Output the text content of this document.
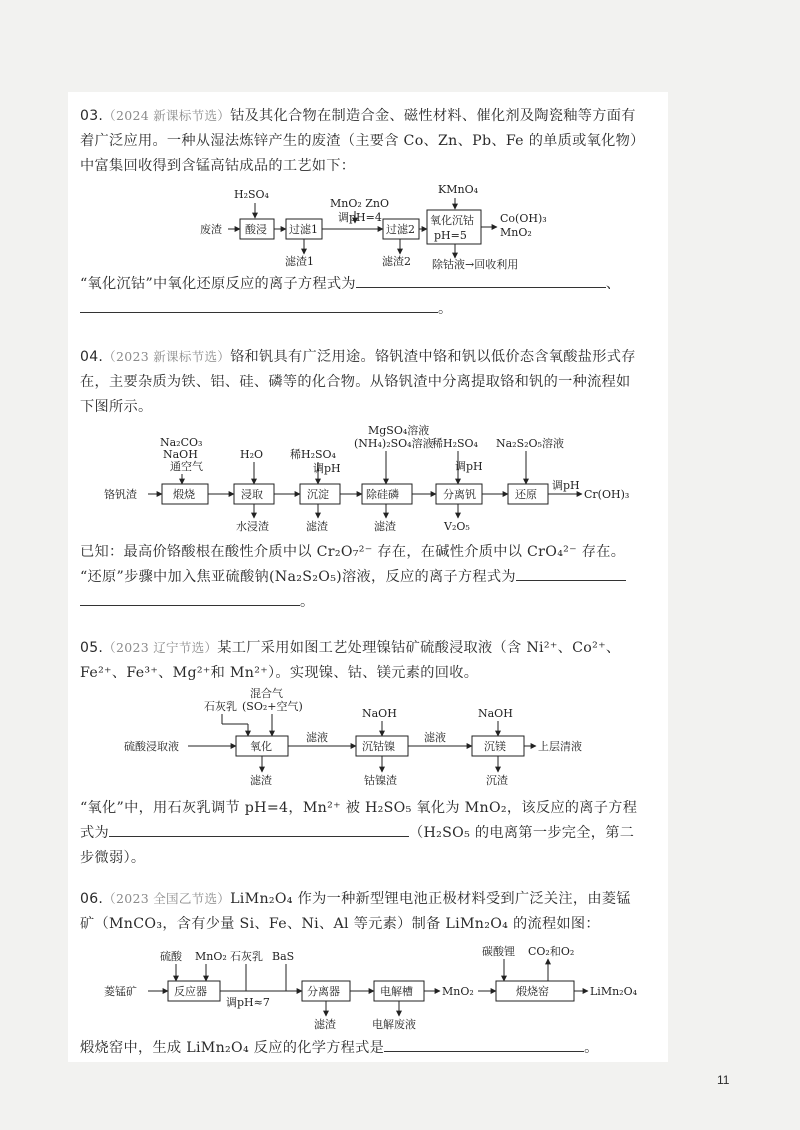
03.（2024 新课标节选）钴及其化合物在制造合金、磁性材料、催化剂及陶瓷釉等方面有着广泛应用。一种从湿法炼锌产生的废渣（主要含 Co、Zn、Pb、Fe 的单质或氧化物）中富集回收得到含锰高钴成品的工艺如下：
废渣
H₂SO₄
酸浸 过滤1
滤渣1
MnO₂ ZnO
调pH=4
过滤2
滤渣2
KMnO₄
氧化沉钴
pH=5
Co(OH)₃
MnO₂
除钴液→回收利用
铬钒渣
Na₂CO₃
NaOH
通空气
煅烧
H₂O
浸取
水浸渣
稀H₂SO₄
调pH
沉淀
滤渣
MgSO₄溶液
(NH₄)₂SO₄溶液
除硅磷
滤渣
稀H₂SO₄
调pH
分离钒
V₂O₅
Na₂S₂O₅溶液
还原
调pH
Cr(OH)₃
硫酸浸取液
混合气
(SO₂+空气)
石灰乳
氧化
滤渣
滤液
NaOH
沉钴镍
钴镍渣
滤液
NaOH
沉镁
沉渣
上层清液
菱锰矿
硫酸 MnO₂
反应器
石灰乳 BaS
调pH≈7
分离器
滤渣
电解槽
电解废液
MnO₂
碳酸锂 CO₂和O₂
煅烧窑	LiMn₂O₄
“氧化沉钴”中氧化还原反应的离子方程式为	、
。
04.（2023 新课标节选）铬和钒具有广泛用途。铬钒渣中铬和钒以低价态含氧酸盐形式存在，主要杂质为铁、铝、硅、磷等的化合物。从铬钒渣中分离提取铬和钒的一种流程如下图所示。
已知：最高价铬酸根在酸性介质中以 Cr₂O₇²⁻ 存在，在碱性介质中以 CrO₄²⁻ 存在。
“还原”步骤中加入焦亚硫酸钠(Na₂S₂O₅)溶液，反应的离子方程式为
。
05.（2023 辽宁节选）某工厂采用如图工艺处理镍钴矿硫酸浸取液（含 Ni²⁺、Co²⁺、Fe²⁺、Fe³⁺、Mg²⁺和 Mn²⁺）。实现镍、钴、镁元素的回收。
“氧化”中，用石灰乳调节 pH=4，Mn²⁺ 被 H₂SO₅ 氧化为 MnO₂，该反应的离子方程式为	（H₂SO₅ 的电离第一步完全，第二步微弱）。
06.（2023 全国乙节选）LiMn₂O₄ 作为一种新型锂电池正极材料受到广泛关注，由菱锰矿（MnCO₃，含有少量 Si、Fe、Ni、Al 等元素）制备 LiMn₂O₄ 的流程如图：
煅烧窑中，生成 LiMn₂O₄ 反应的化学方程式是	。
11
